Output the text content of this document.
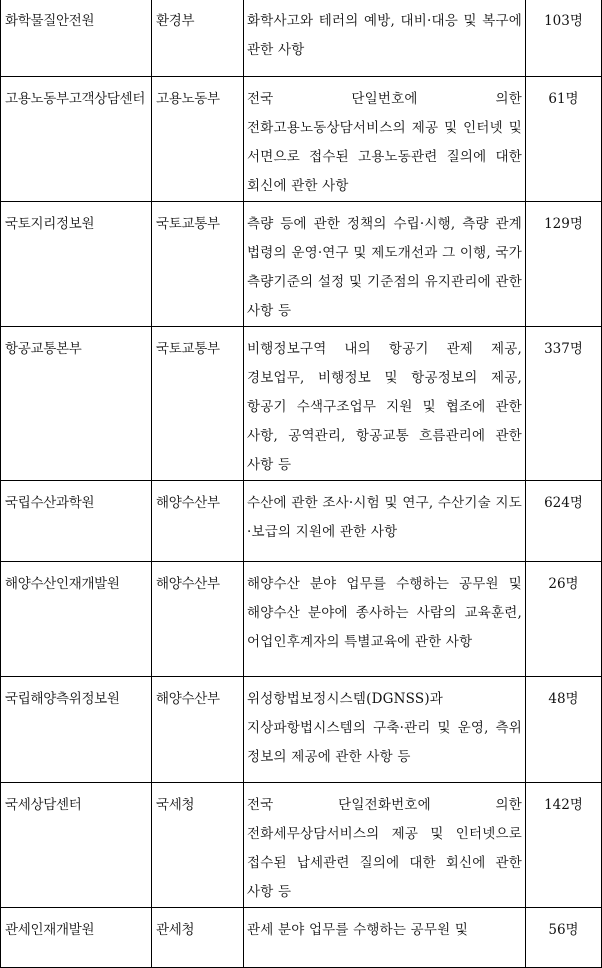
화학물질안전원	환경부	화학사고와 테러의 예방, 대비·대응 및 복구에 관한 사항	103명
고용노동부고객상담센터	고용노동부	전국 단일번호에 의한 전화고용노동상담서비스의 제공 및 인터넷 및 서면으로 접수된 고용노동관련 질의에 대한 회신에 관한 사항	61명
국토지리정보원	국토교통부	측량 등에 관한 정책의 수립·시행, 측량 관계 법령의 운영·연구 및 제도개선과 그 이행, 국가 측량기준의 설정 및 기준점의 유지관리에 관한 사항 등	129명
항공교통본부	국토교통부	비행정보구역 내의 항공기 관제 제공, 경보업무, 비행정보 및 항공정보의 제공, 항공기 수색구조업무 지원 및 협조에 관한 사항, 공역관리, 항공교통 흐름관리에 관한 사항 등	337명
국립수산과학원	해양수산부	수산에 관한 조사·시험 및 연구, 수산기술 지도·보급의 지원에 관한 사항	624명
해양수산인재개발원	해양수산부	해양수산 분야 업무를 수행하는 공무원 및 해양수산 분야에 종사하는 사람의 교육훈련, 어업인후계자의 특별교육에 관한 사항	26명
국립해양측위정보원	해양수산부	위성항법보정시스템(DGNSS)과 지상파항법시스템의 구축·관리 및 운영, 측위 정보의 제공에 관한 사항 등	48명
국세상담센터	국세청	전국 단일전화번호에 의한 전화세무상담서비스의 제공 및 인터넷으로 접수된 납세관련 질의에 대한 회신에 관한 사항 등	142명
관세인재개발원	관세청	관세 분야 업무를 수행하는 공무원 및	56명
